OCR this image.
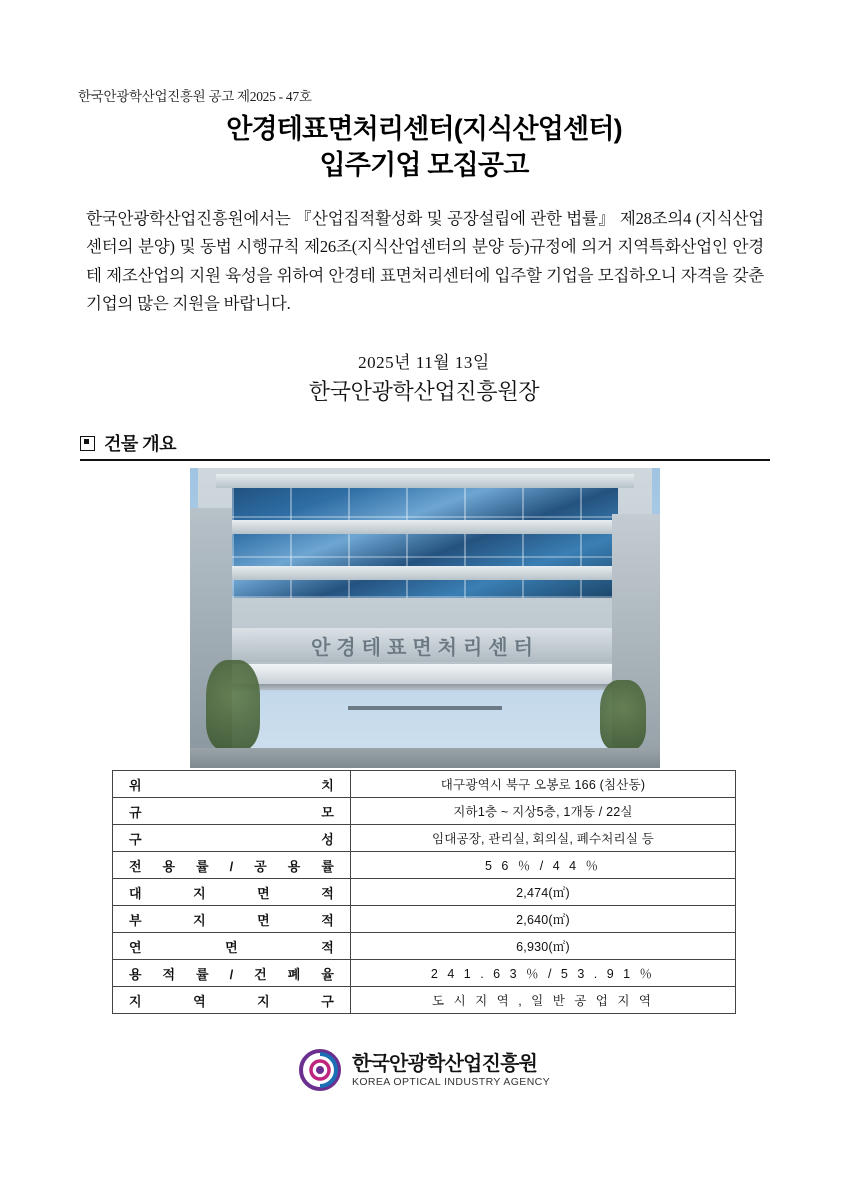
한국안광학산업진흥원 공고 제2025 - 47호
안경테표면처리센터(지식산업센터)
입주기업 모집공고
한국안광학산업진흥원에서는 『산업집적활성화 및 공장설립에 관한 법률』 제28조의4 (지식산업센터의 분양) 및 동법 시행규칙 제26조(지식산업센터의 분양 등)규정에 의거 지역특화산업인 안경테 제조산업의 지원 육성을 위하여 안경테 표면처리센터에 입주할 기업을 모집하오니 자격을 갖춘 기업의 많은 지원을 바랍니다.
2025년 11월 13일
한국안광학산업진흥원장
건물 개요
안경테표면처리센터
위 치	대구광역시 북구 오봉로 166 (침산동)
규 모	지하1층 ~ 지상5층, 1개동 / 22실
구 성	임대공장, 관리실, 회의실, 폐수처리실 등
전 용 률 / 공 용 률	5 6 ％ / 4 4 ％
대 지 면 적	2,474(㎡)
부 지 면 적	2,640(㎡)
연 면 적	6,930(㎡)
용 적 률 / 건 폐 율	2 4 1 . 6 3 ％ / 5 3 . 9 1 ％
지 역 지 구	도 시 지 역 , 일 반 공 업 지 역
한국안광학산업진흥원
KOREA OPTICAL INDUSTRY AGENCY
